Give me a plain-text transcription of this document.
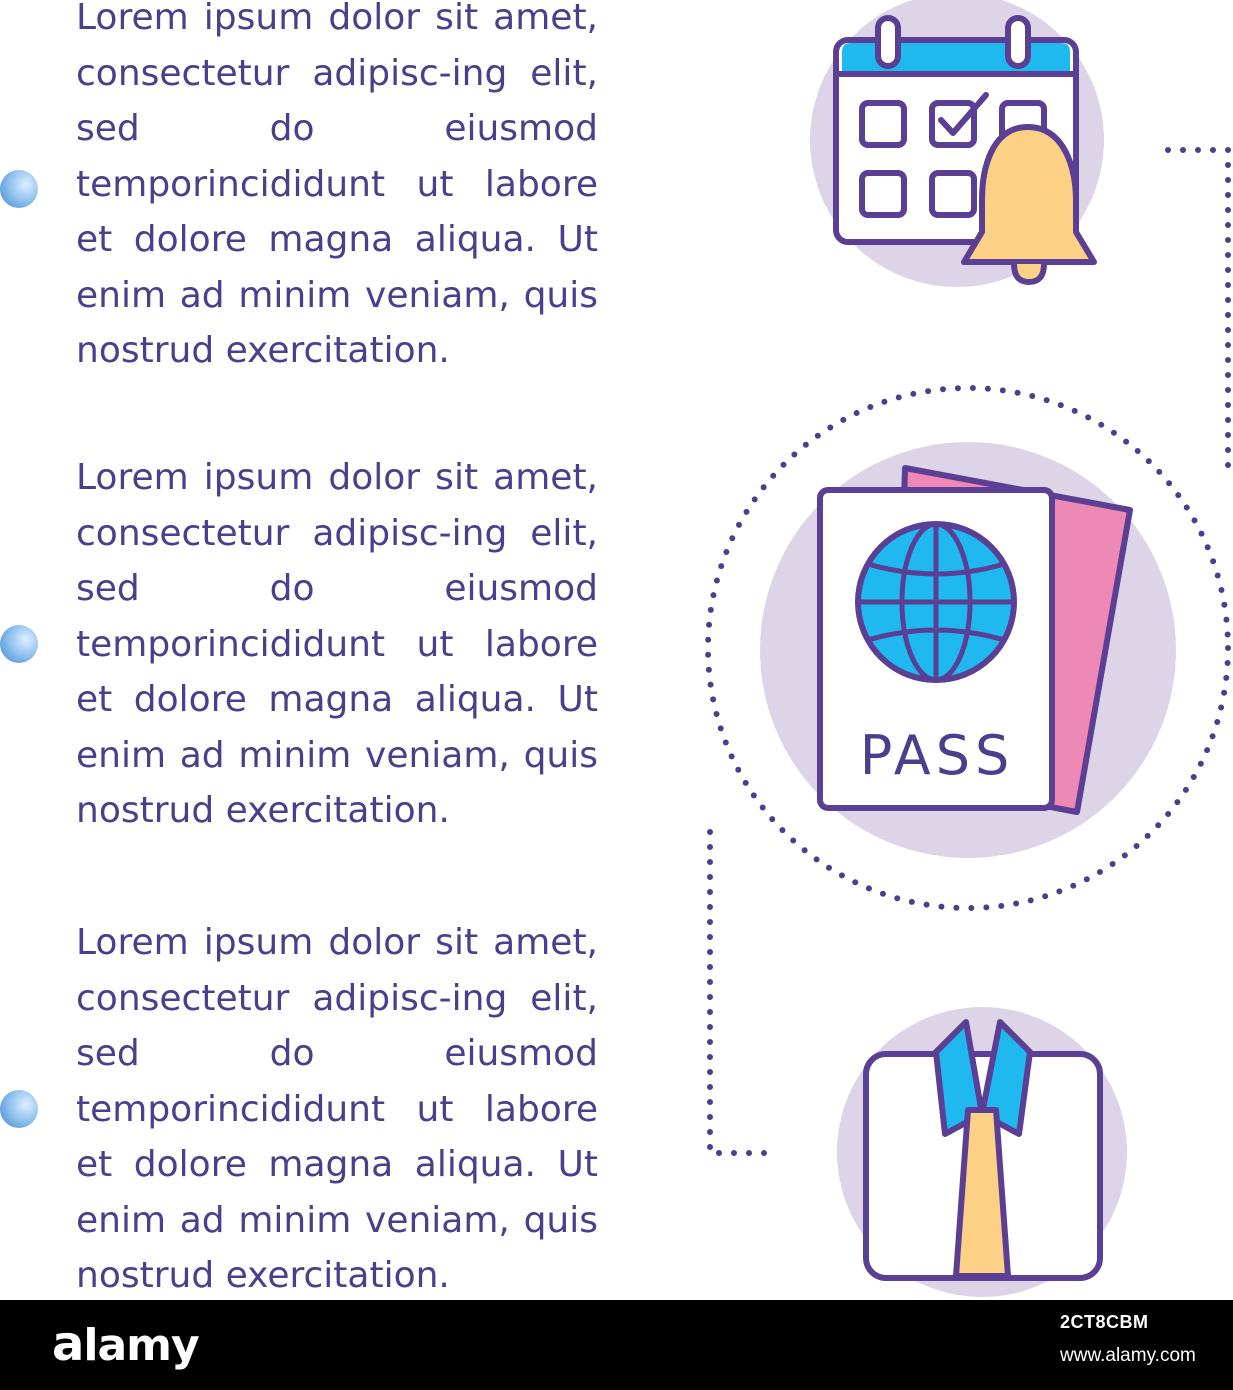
Lorem ipsum dolor sit amet, consectetur adipisc-ing elit, sed do eiusmod temporincididunt ut labore et dolore magna aliqua. Ut enim ad minim veniam, quis nostrud exercitation.

Lorem ipsum dolor sit amet, consectetur adipisc-ing elit, sed do eiusmod temporincididunt ut labore et dolore magna aliqua. Ut enim ad minim veniam, quis nostrud exercitation.

Lorem ipsum dolor sit amet, consectetur adipisc-ing elit, sed do eiusmod temporincididunt ut labore et dolore magna aliqua. Ut enim ad minim veniam, quis nostrud exercitation.

PASS
alamy	2CT8CBM
www.alamy.com
